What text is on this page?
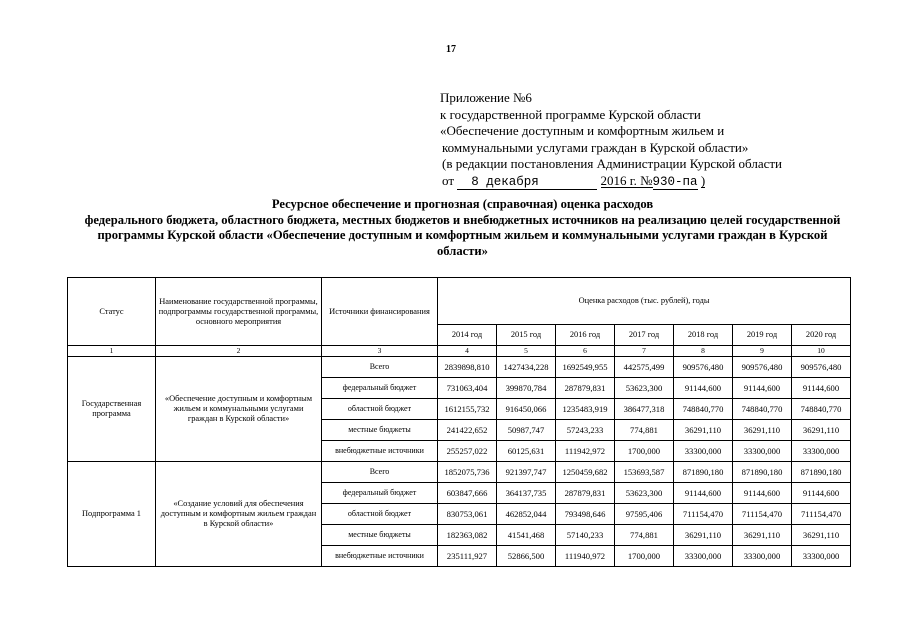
17
Приложение №6
к государственной программе Курской области
«Обеспечение доступным и комфортным жильем и
коммунальными услугами граждан в Курской области»
(в редакции постановления Администрации Курской области
от 8 декабря	2016 г. №930-па )
Ресурсное обеспечение и прогнозная (справочная) оценка расходов
федерального бюджета, областного бюджета, местных бюджетов и внебюджетных источников на реализацию целей государственной
программы Курской области «Обеспечение доступным и комфортным жильем и коммунальными услугами граждан в Курской
области»
Статус	Наименование государственной программы, подпрограммы государственной программы, основного мероприятия	Источники финансирования	Оценка расходов (тыс. рублей), годы						
			2014 год	2015 год	2016 год	2017 год	2018 год	2019 год	2020 год
1	2	3	4	5	6	7	8	9	10
Государственная программа	«Обеспечение доступным и комфортным жильем и коммунальными услугами граждан в Курской области»	Всего	2839898,810	1427434,228	1692549,955	442575,499	909576,480	909576,480	909576,480
		федеральный бюджет	731063,404	399870,784	287879,831	53623,300	91144,600	91144,600	91144,600
		областной бюджет	1612155,732	916450,066	1235483,919	386477,318	748840,770	748840,770	748840,770
		местные бюджеты	241422,652	50987,747	57243,233	774,881	36291,110	36291,110	36291,110
		внебюджетные источники	255257,022	60125,631	111942,972	1700,000	33300,000	33300,000	33300,000
Подпрограмма 1	«Создание условий для обеспечения доступным и комфортным жильем граждан в Курской области»	Всего	1852075,736	921397,747	1250459,682	153693,587	871890,180	871890,180	871890,180
		федеральный бюджет	603847,666	364137,735	287879,831	53623,300	91144,600	91144,600	91144,600
		областной бюджет	830753,061	462852,044	793498,646	97595,406	711154,470	711154,470	711154,470
		местные бюджеты	182363,082	41541,468	57140,233	774,881	36291,110	36291,110	36291,110
		внебюджетные источники	235111,927	52866,500	111940,972	1700,000	33300,000	33300,000	33300,000
